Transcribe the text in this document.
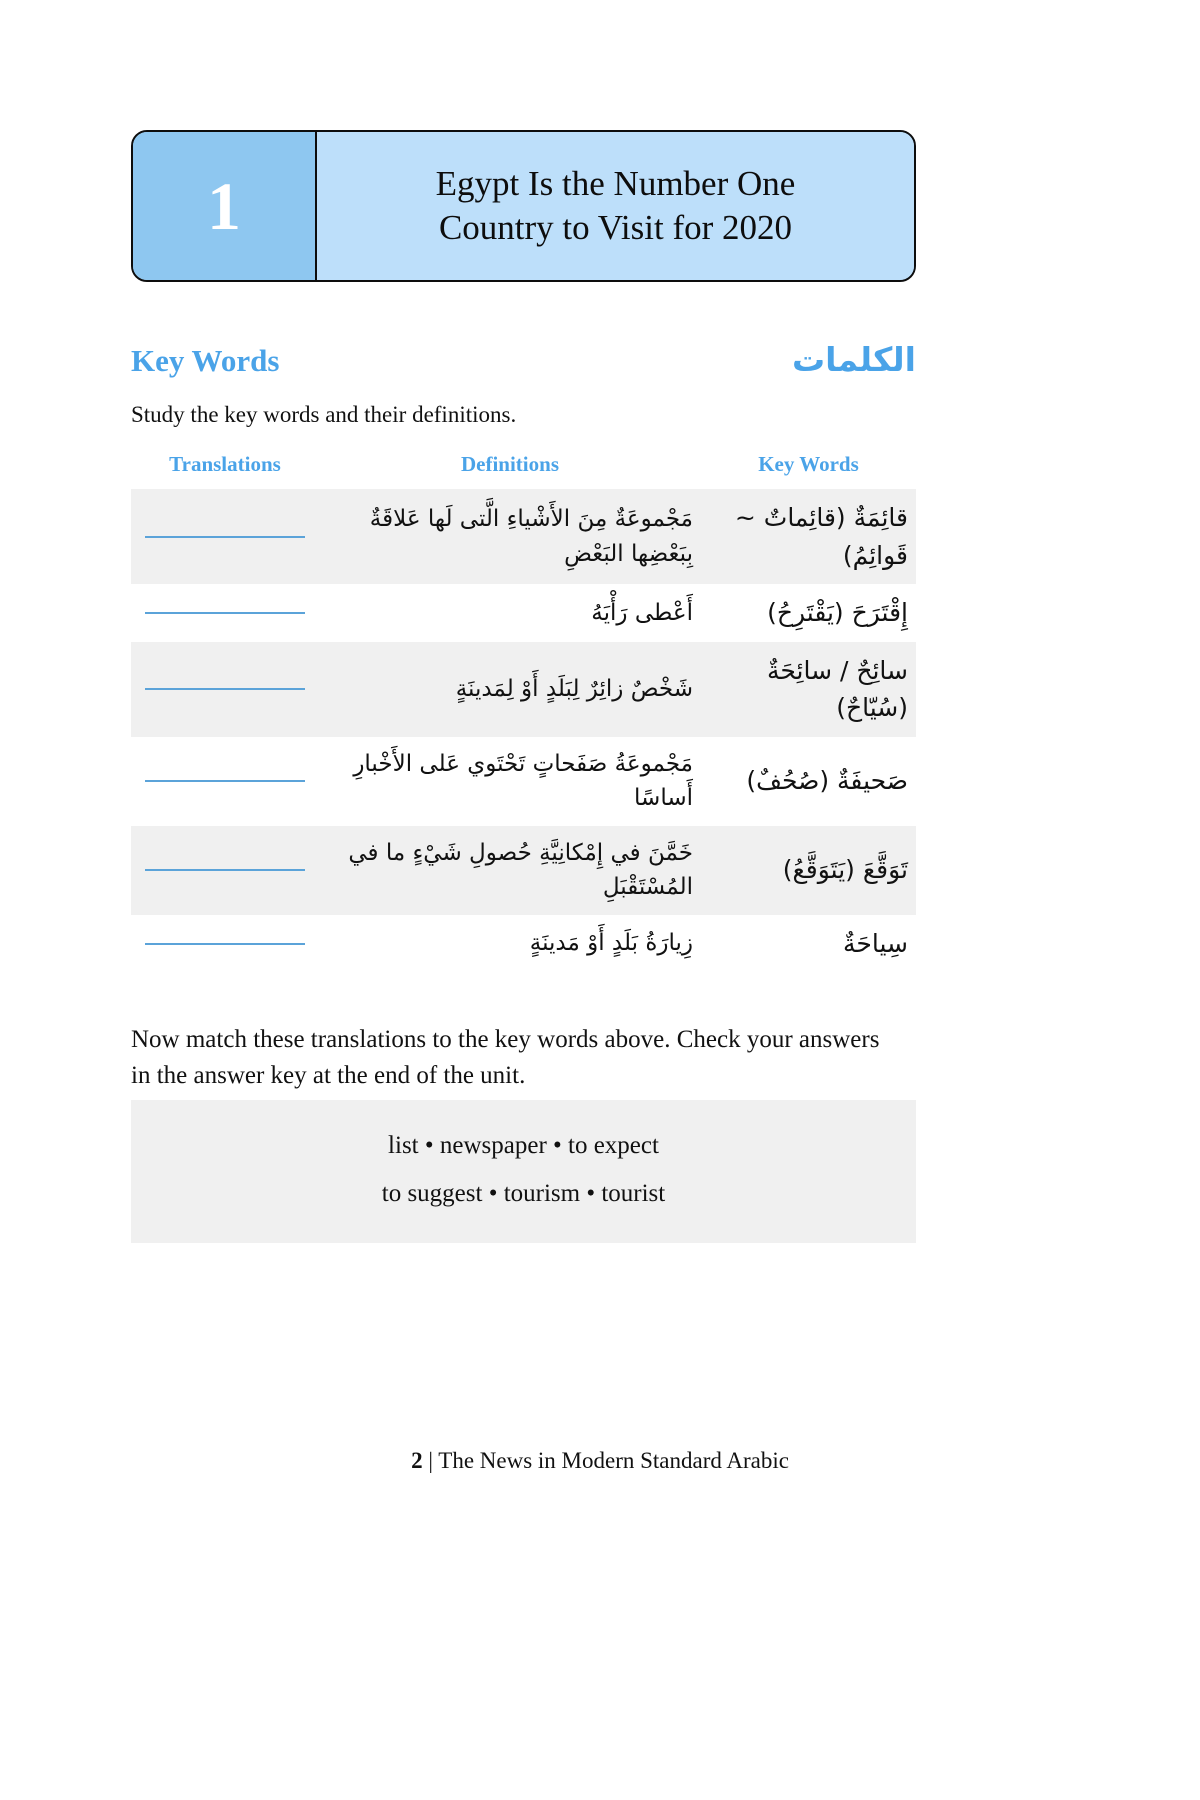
1	Egypt Is the Number One
Country to Visit for 2020
Key Words	الكلمات
Study the key words and their definitions.
Translations	Definitions	Key Words
	مَجْموعَةٌ مِنَ الأَشْياءِ الَّتى لَها عَلاقَةٌ بِبَعْضِها البَعْضِ	قائِمَةٌ (قائِماتٌ ~ قَوائِمُ)
	أَعْطى رَأْيَهُ	إِقْتَرَحَ (يَقْتَرِحُ)
	شَخْصٌ زائِرٌ لِبَلَدٍ أَوْ لِمَدينَةٍ	سائِحٌ / سائِحَةٌ (سُيّاحٌ)
	مَجْموعَةُ صَفَحاتٍ تَحْتَوي عَلى الأَخْبارِ أَساسًا	صَحيفَةٌ (صُحُفٌ)
	خَمَّنَ في إِمْكانِيَّةِ حُصولِ شَيْءٍ ما في المُسْتَقْبَلِ	تَوَقَّعَ (يَتَوَقَّعُ)
	زِيارَةُ بَلَدٍ أَوْ مَدينَةٍ	سِياحَةٌ
Now match these translations to the key words above. Check your answers in the answer key at the end of the unit.
list • newspaper • to expect
to suggest • tourism • tourist
2 | The News in Modern Standard Arabic
